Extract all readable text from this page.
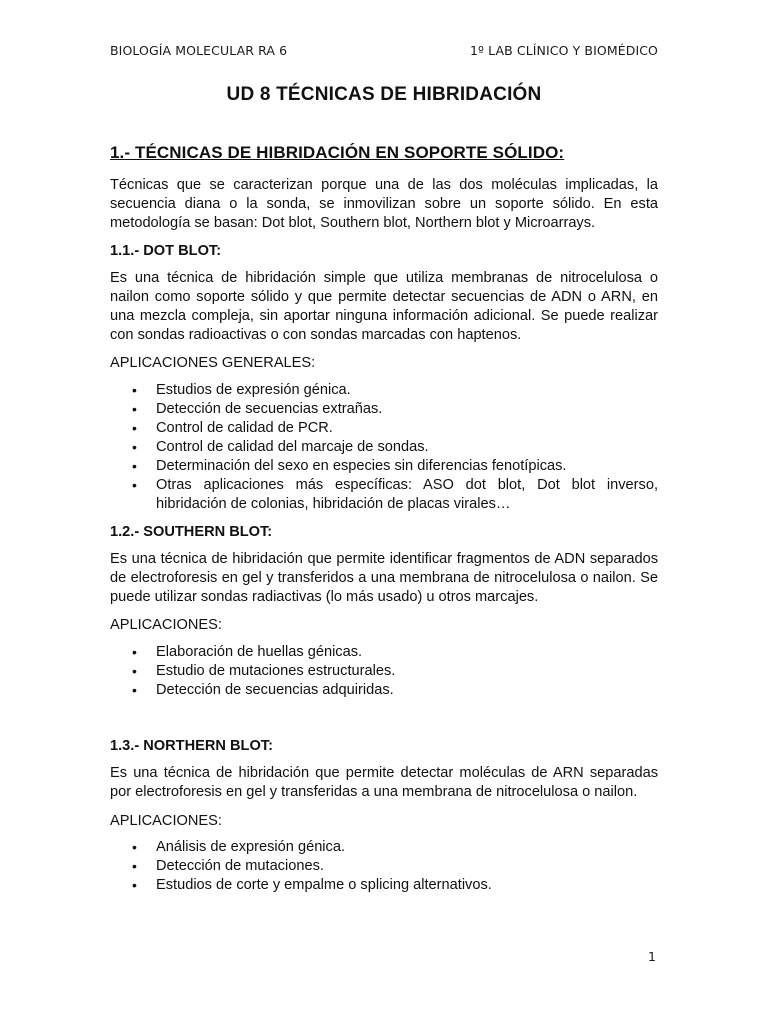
BIOLOGÍA MOLECULAR RA 6	1º LAB CLÍNICO Y BIOMÉDICO
UD 8 TÉCNICAS DE HIBRIDACIÓN
1.- TÉCNICAS DE HIBRIDACIÓN EN SOPORTE SÓLIDO:

Técnicas que se caracterizan porque una de las dos moléculas implicadas, la secuencia diana o la sonda, se inmovilizan sobre un soporte sólido. En esta metodología se basan: Dot blot, Southern blot, Northern blot y Microarrays.

1.1.- DOT BLOT:

Es una técnica de hibridación simple que utiliza membranas de nitrocelulosa o nailon como soporte sólido y que permite detectar secuencias de ADN o ARN, en una mezcla compleja, sin aportar ninguna información adicional. Se puede realizar con sondas radioactivas o con sondas marcadas con haptenos.

APLICACIONES GENERALES:
• Estudios de expresión génica.
• Detección de secuencias extrañas.
• Control de calidad de PCR.
• Control de calidad del marcaje de sondas.
• Determinación del sexo en especies sin diferencias fenotípicas.
• Otras aplicaciones más específicas: ASO dot blot, Dot blot inverso, hibridación de colonias, hibridación de placas virales…
1.2.- SOUTHERN BLOT:

Es una técnica de hibridación que permite identificar fragmentos de ADN separados de electroforesis en gel y transferidos a una membrana de nitrocelulosa o nailon. Se puede utilizar sondas radiactivas (lo más usado) u otros marcajes.

APLICACIONES:
• Elaboración de huellas génicas.
• Estudio de mutaciones estructurales.
• Detección de secuencias adquiridas.
1.3.- NORTHERN BLOT:

Es una técnica de hibridación que permite detectar moléculas de ARN separadas por electroforesis en gel y transferidas a una membrana de nitrocelulosa o nailon.

APLICACIONES:
• Análisis de expresión génica.
• Detección de mutaciones.
• Estudios de corte y empalme o splicing alternativos.
1
